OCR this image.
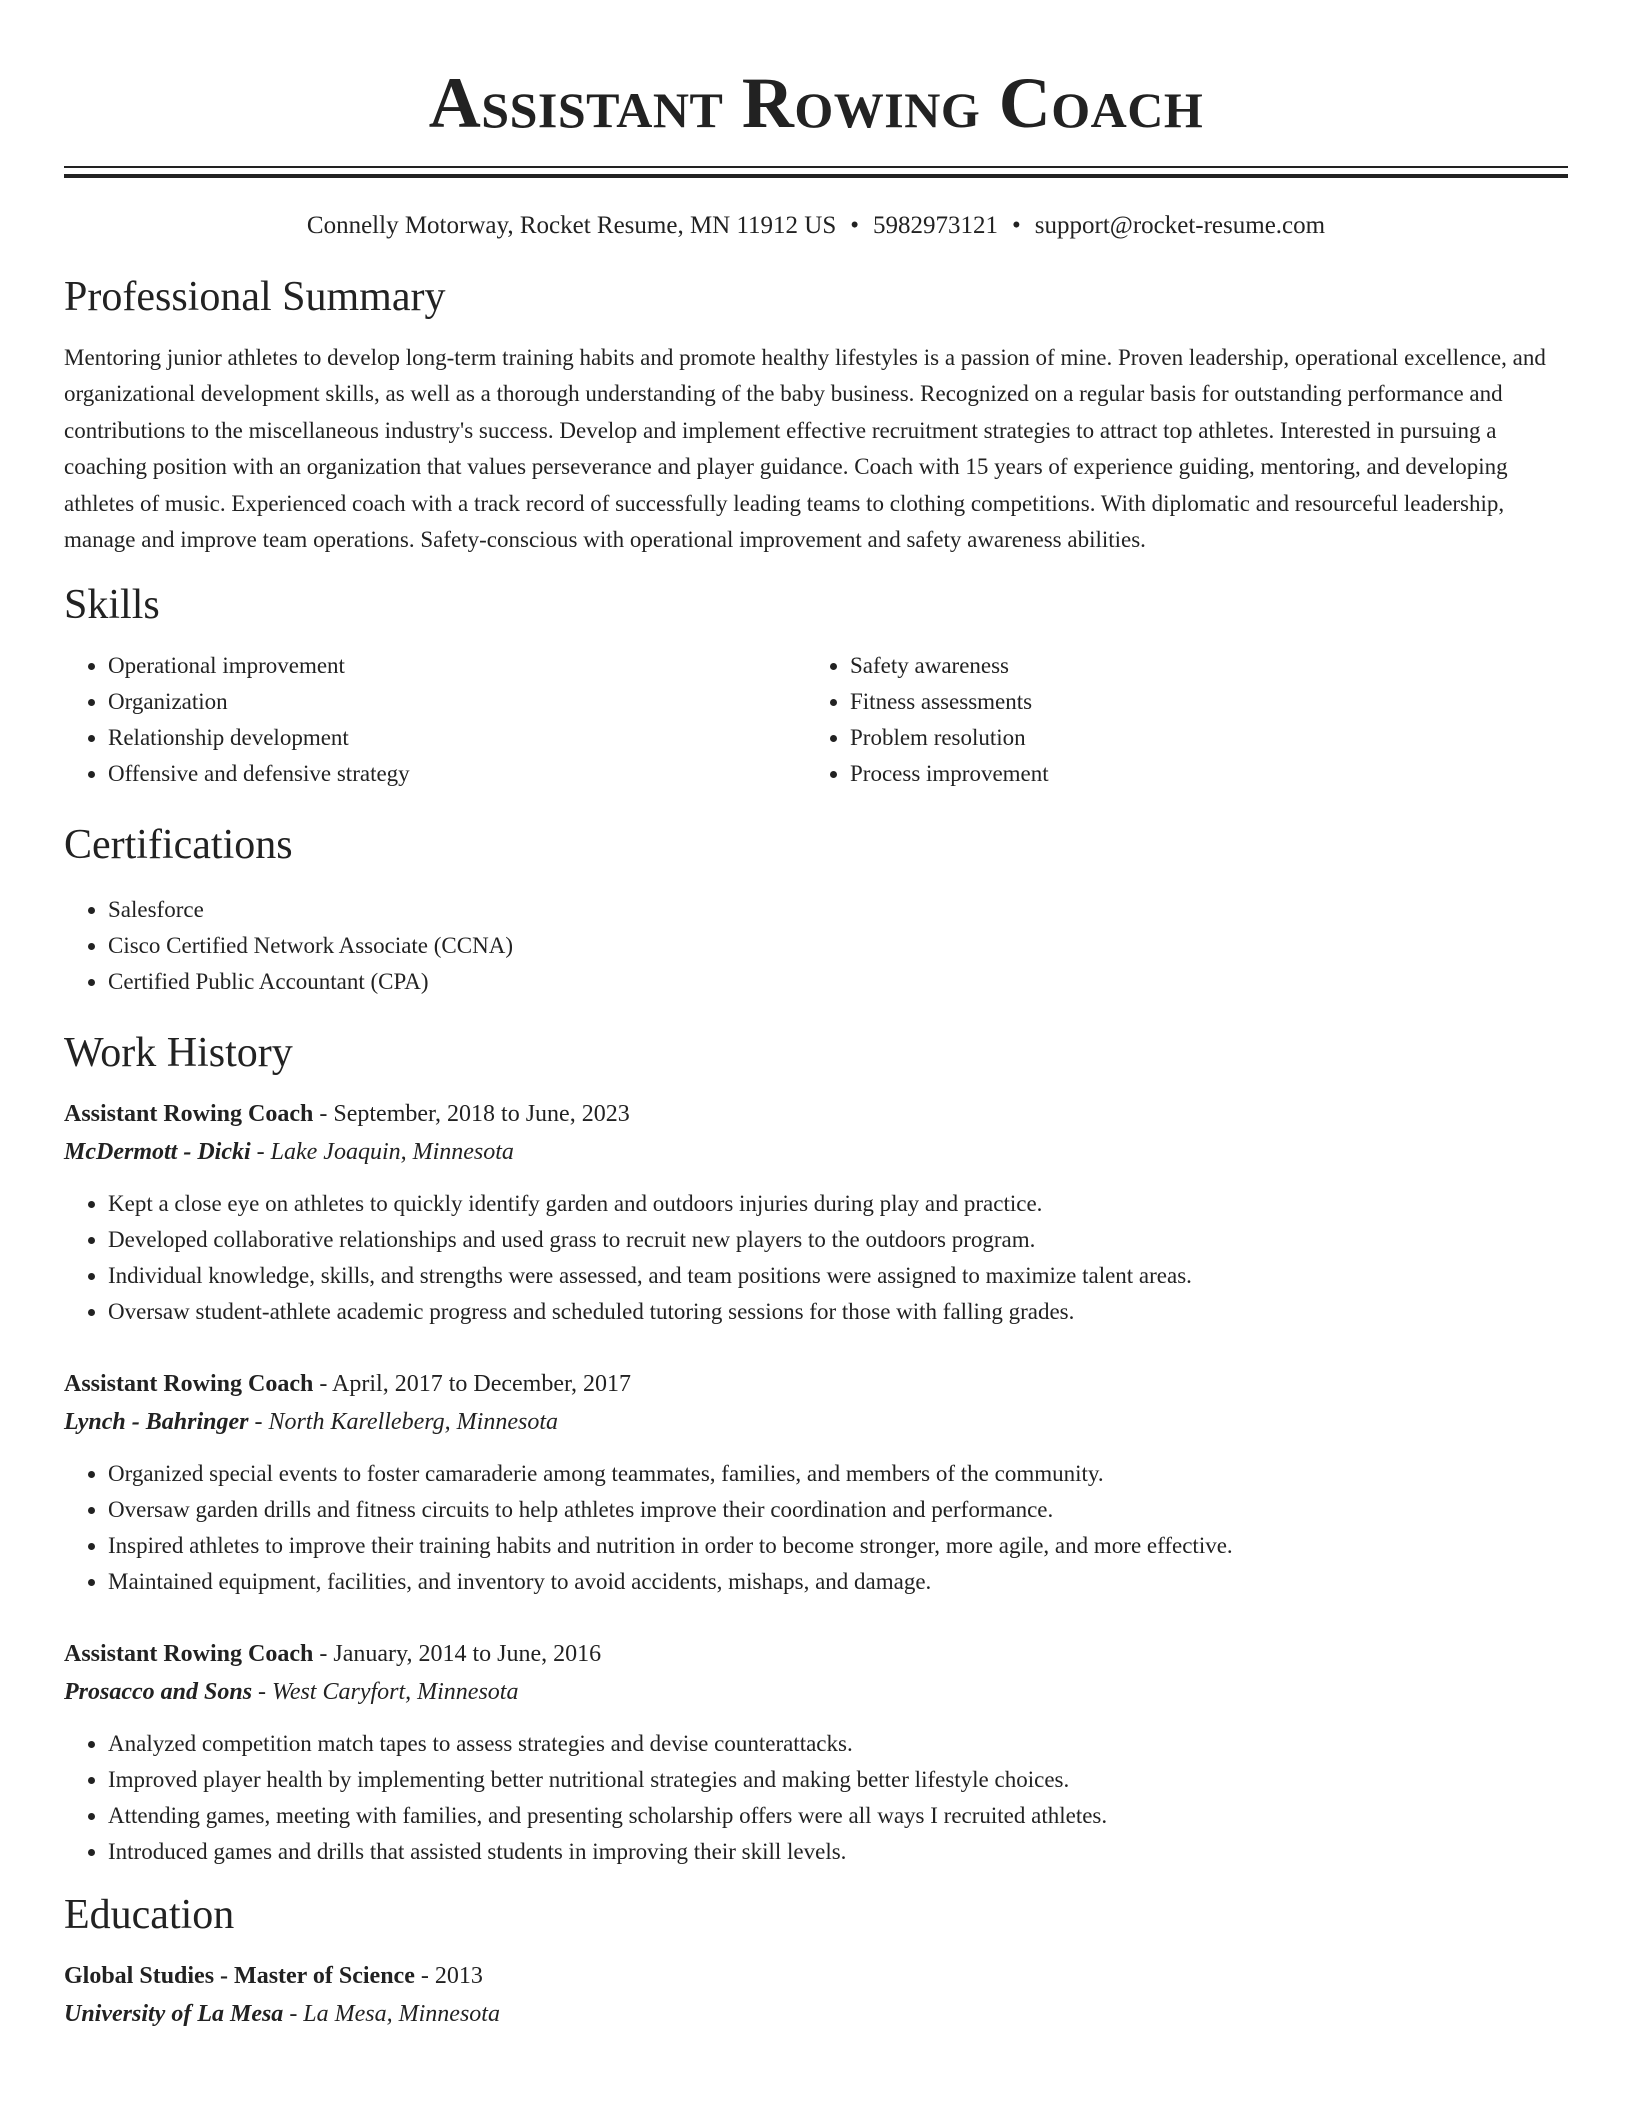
Assistant Rowing Coach
Connelly Motorway, Rocket Resume, MN 11912 US • 5982973121 • support@rocket-resume.com
Professional Summary

Mentoring junior athletes to develop long-term training habits and promote healthy lifestyles is a passion of mine. Proven leadership, operational excellence, and organizational development skills, as well as a thorough understanding of the baby business. Recognized on a regular basis for outstanding performance and contributions to the miscellaneous industry's success. Develop and implement effective recruitment strategies to attract top athletes. Interested in pursuing a coaching position with an organization that values perseverance and player guidance. Coach with 15 years of experience guiding, mentoring, and developing athletes of music. Experienced coach with a track record of successfully leading teams to clothing competitions. With diplomatic and resourceful leadership, manage and improve team operations. Safety-conscious with operational improvement and safety awareness abilities.

Skills
• Operational improvement
• Organization
• Relationship development
• Offensive and defensive strategy
• Safety awareness
• Fitness assessments
• Problem resolution
• Process improvement
Certifications
• Salesforce
• Cisco Certified Network Associate (CCNA)
• Certified Public Accountant (CPA)
Work History
Assistant Rowing Coach - September, 2018 to June, 2023
McDermott - Dicki - Lake Joaquin, Minnesota
• Kept a close eye on athletes to quickly identify garden and outdoors injuries during play and practice.
• Developed collaborative relationships and used grass to recruit new players to the outdoors program.
• Individual knowledge, skills, and strengths were assessed, and team positions were assigned to maximize talent areas.
• Oversaw student-athlete academic progress and scheduled tutoring sessions for those with falling grades.
Assistant Rowing Coach - April, 2017 to December, 2017
Lynch - Bahringer - North Karelleberg, Minnesota
• Organized special events to foster camaraderie among teammates, families, and members of the community.
• Oversaw garden drills and fitness circuits to help athletes improve their coordination and performance.
• Inspired athletes to improve their training habits and nutrition in order to become stronger, more agile, and more effective.
• Maintained equipment, facilities, and inventory to avoid accidents, mishaps, and damage.
Assistant Rowing Coach - January, 2014 to June, 2016
Prosacco and Sons - West Caryfort, Minnesota
• Analyzed competition match tapes to assess strategies and devise counterattacks.
• Improved player health by implementing better nutritional strategies and making better lifestyle choices.
• Attending games, meeting with families, and presenting scholarship offers were all ways I recruited athletes.
• Introduced games and drills that assisted students in improving their skill levels.
Education
Global Studies - Master of Science - 2013
University of La Mesa - La Mesa, Minnesota
